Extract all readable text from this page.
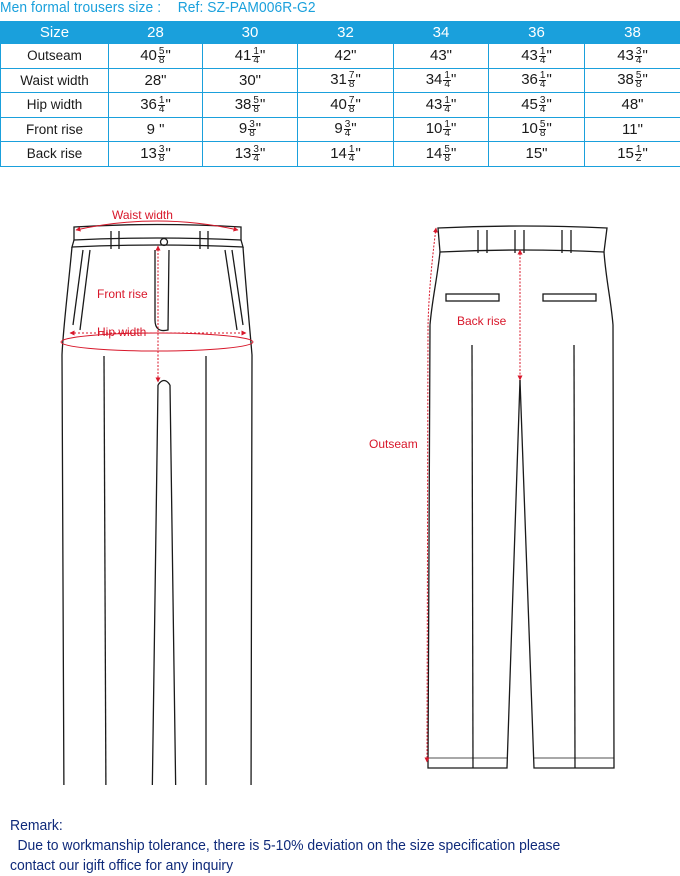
Men formal trousers size : Ref: SZ-PAM006R-G2
Size	28	30	32	34	36	38
Outseam	$40 \frac{5}{8}$ "	$41 \frac{1}{4}$ "	42"	43"	$43 \frac{1}{4}$ "	$43 \frac{3}{4}$ "
Waist width	28"	30"	$31 \frac{7}{8}$ "	$34 \frac{1}{4}$ "	$36 \frac{1}{4}$ "	$38 \frac{5}{8}$ "
Hip width	$36 \frac{1}{4}$ "	$38 \frac{5}{8}$ "	$40 \frac{7}{8}$ "	$43 \frac{1}{4}$ "	$45 \frac{3}{4}$ "	48"
Front rise	9 "	$9 \frac{3}{8}$ "	$9 \frac{3}{4}$ "	$10 \frac{1}{4}$ "	$10 \frac{5}{8}$ "	11"
Back rise	$13 \frac{3}{8}$ "	$13 \frac{3}{4}$ "	$14 \frac{1}{4}$ "	$14 \frac{5}{8}$ "	15"	$15 \frac{1}{2}$ "
Waist width
Front rise
Hip width
Back rise
Outseam
Remark:
Due to workmanship tolerance, there is 5-10% deviation on the size specification please
contact our igift office for any inquiry
